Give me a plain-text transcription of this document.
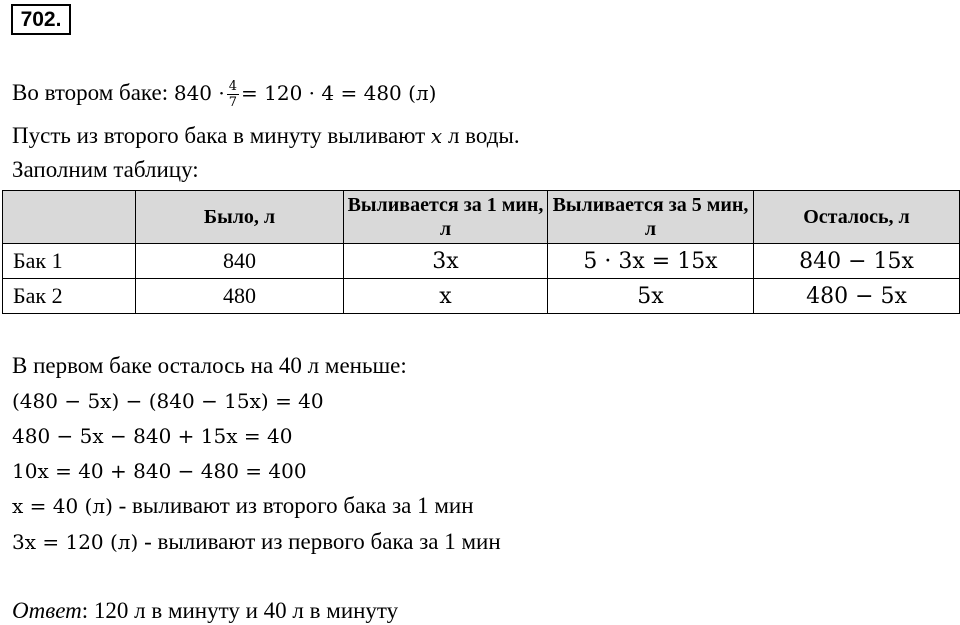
702.
Во втором баке: $840 \cdot \frac{4}{7} = 120 \cdot 4 = 480$ (л)
Пусть из второго бака в минуту выливают x л воды.
Заполним таблицу:
	Было, л	Выливается за 1 мин, л	Выливается за 5 мин, л	Осталось, л
Бак 1	840	3x	5 · 3x = 15x	840 − 15x
Бак 2	480	x	5x	480 − 5x
В первом баке осталось на 40 л меньше:
(480 − 5x) − (840 − 15x) = 40
480 − 5x − 840 + 15x = 40
10x = 40 + 840 − 480 = 400
x = 40 (л) - выливают из второго бака за 1 мин
3x = 120 (л) - выливают из первого бака за 1 мин
Ответ: 120 л в минуту и 40 л в минуту
